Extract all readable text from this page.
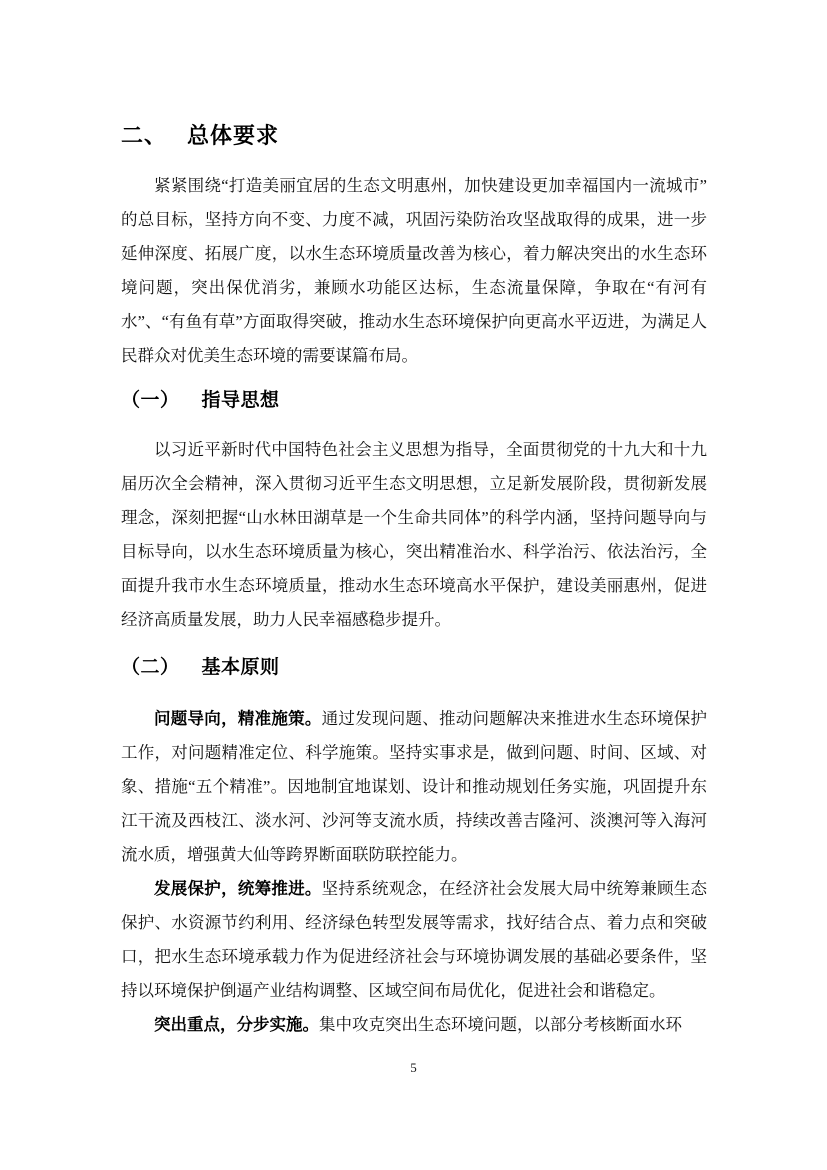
二、 总体要求

紧紧围绕“打造美丽宜居的生态文明惠州，加快建设更加幸福国内一流城市”的总目标，坚持方向不变、力度不减，巩固污染防治攻坚战取得的成果，进一步延伸深度、拓展广度，以水生态环境质量改善为核心，着力解决突出的水生态环境问题，突出保优消劣，兼顾水功能区达标，生态流量保障，争取在“有河有水”、“有鱼有草”方面取得突破，推动水生态环境保护向更高水平迈进，为满足人民群众对优美生态环境的需要谋篇布局。

（一） 指导思想

以习近平新时代中国特色社会主义思想为指导，全面贯彻党的十九大和十九届历次全会精神，深入贯彻习近平生态文明思想，立足新发展阶段，贯彻新发展理念，深刻把握“山水林田湖草是一个生命共同体”的科学内涵，坚持问题导向与目标导向，以水生态环境质量为核心，突出精准治水、科学治污、依法治污，全面提升我市水生态环境质量，推动水生态环境高水平保护，建设美丽惠州，促进经济高质量发展，助力人民幸福感稳步提升。

（二） 基本原则

问题导向，精准施策。通过发现问题、推动问题解决来推进水生态环境保护工作，对问题精准定位、科学施策。坚持实事求是，做到问题、时间、区域、对象、措施“五个精准”。因地制宜地谋划、设计和推动规划任务实施，巩固提升东江干流及西枝江、淡水河、沙河等支流水质，持续改善吉隆河、淡澳河等入海河流水质，增强黄大仙等跨界断面联防联控能力。

发展保护，统筹推进。坚持系统观念，在经济社会发展大局中统筹兼顾生态保护、水资源节约利用、经济绿色转型发展等需求，找好结合点、着力点和突破口，把水生态环境承载力作为促进经济社会与环境协调发展的基础必要条件，坚持以环境保护倒逼产业结构调整、区域空间布局优化，促进社会和谐稳定。

突出重点，分步实施。集中攻克突出生态环境问题，以部分考核断面水环

5
